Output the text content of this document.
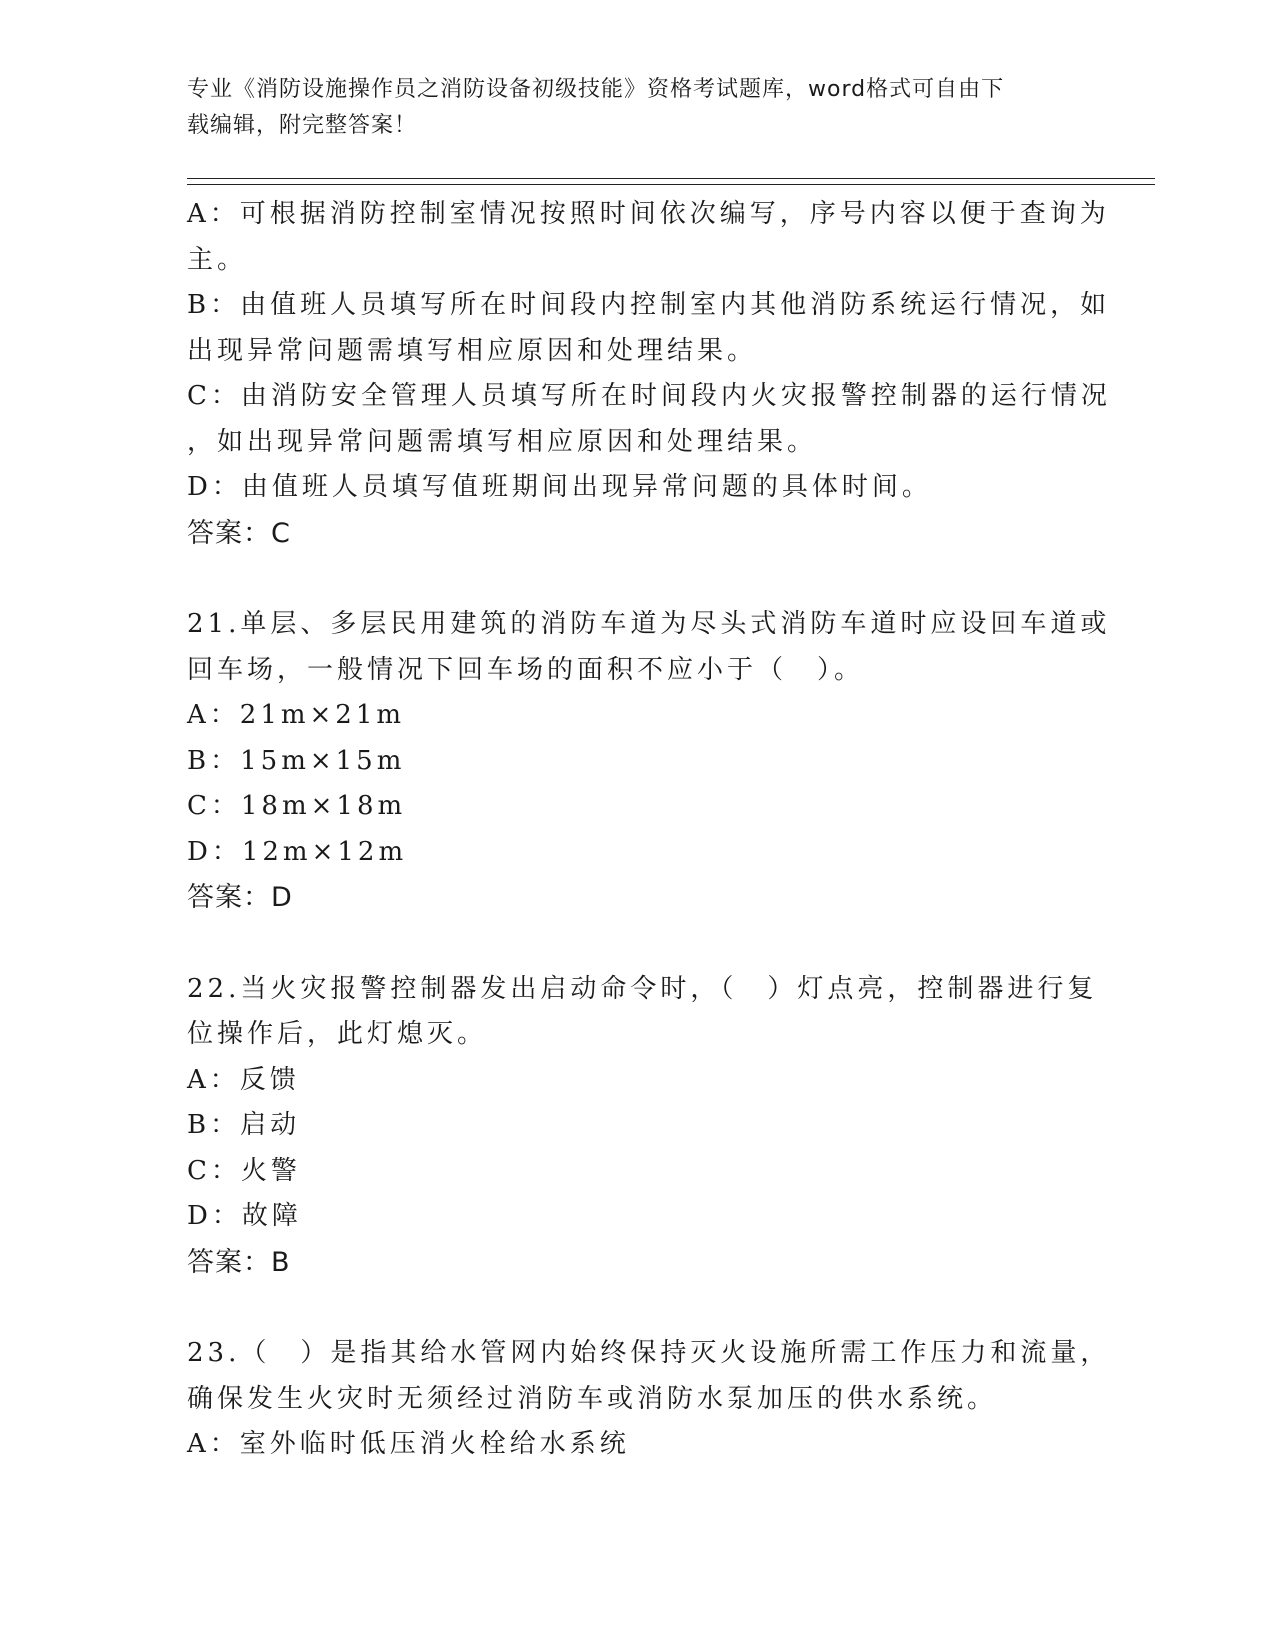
专业《消防设施操作员之消防设备初级技能》资格考试题库，word格式可自由下
载编辑，附完整答案！
A：可根据消防控制室情况按照时间依次编写，序号内容以便于查询为
主。
B：由值班人员填写所在时间段内控制室内其他消防系统运行情况，如
出现异常问题需填写相应原因和处理结果。
C：由消防安全管理人员填写所在时间段内火灾报警控制器的运行情况
，如出现异常问题需填写相应原因和处理结果。
D：由值班人员填写值班期间出现异常问题的具体时间。
答案：C
21.单层、多层民用建筑的消防车道为尽头式消防车道时应设回车道或
回车场，一般情况下回车场的面积不应小于（　）。
A：21m×21m
B：15m×15m
C：18m×18m
D：12m×12m
答案：D
22.当火灾报警控制器发出启动命令时，（　）灯点亮，控制器进行复
位操作后，此灯熄灭。
A：反馈
B：启动
C：火警
D：故障
答案：B
23.（　）是指其给水管网内始终保持灭火设施所需工作压力和流量，
确保发生火灾时无须经过消防车或消防水泵加压的供水系统。
A：室外临时低压消火栓给水系统
